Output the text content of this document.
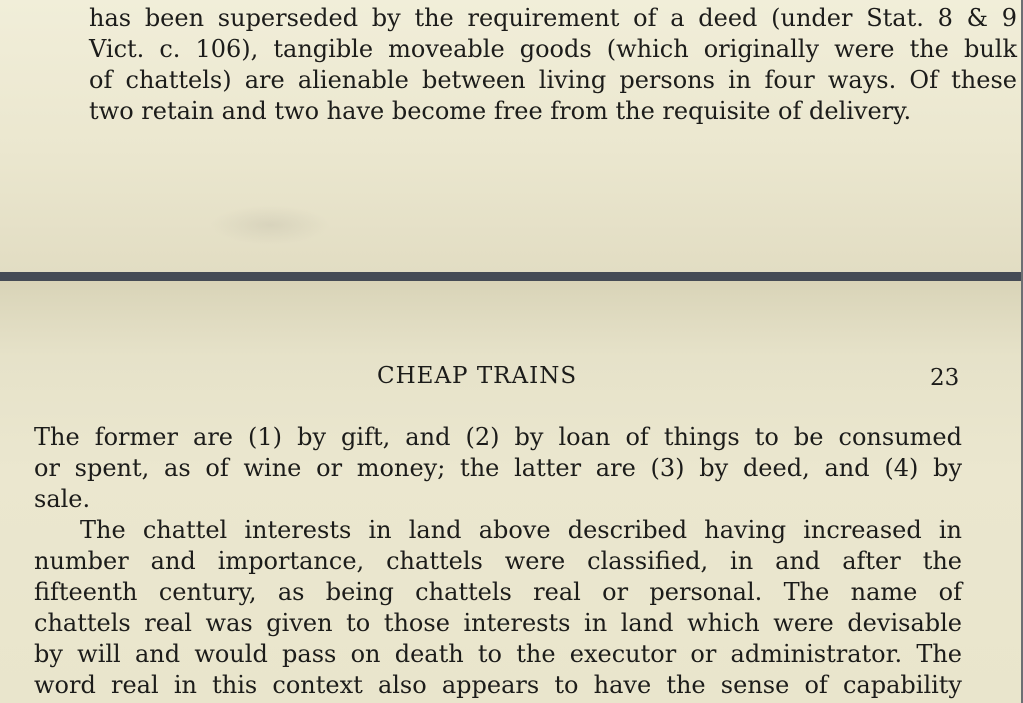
has been superseded by the requirement of a deed (under Stat. 8 & 9
Vict. c. 106), tangible moveable goods (which originally were the bulk
of chattels) are alienable between living persons in four ways. Of these
two retain and two have become free from the requisite of delivery.
CHEAP TRAINS	23
The former are (1) by gift, and (2) by loan of things to be consumed
or spent, as of wine or money; the latter are (3) by deed, and (4) by
sale.
The chattel interests in land above described having increased in
number and importance, chattels were classified, in and after the
fifteenth century, as being chattels real or personal. The name of
chattels real was given to those interests in land which were devisable
by will and would pass on death to the executor or administrator. The
word real in this context also appears to have the sense of capability
